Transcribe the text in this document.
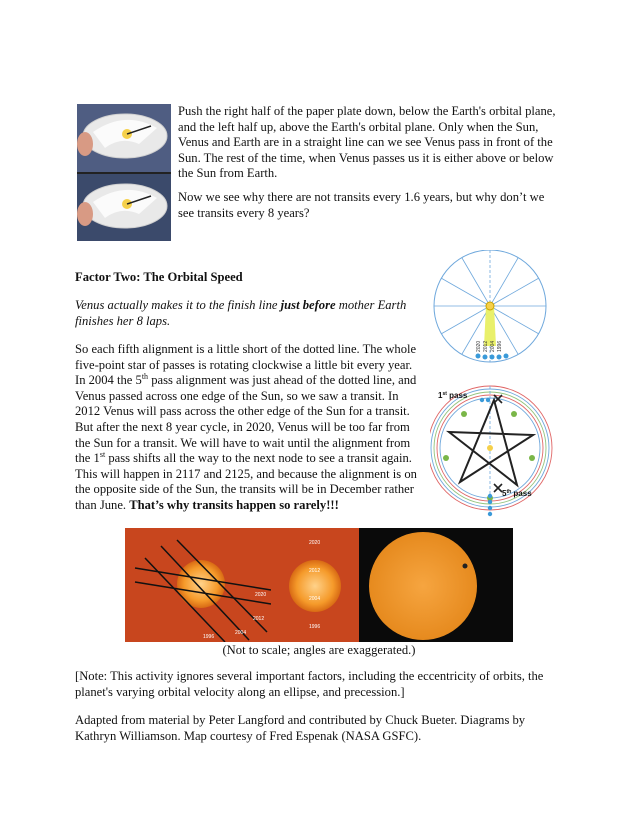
Push the right half of the paper plate down, below the Earth's orbital plane, and the left half up, above the Earth's orbital plane. Only when the Sun, Venus and Earth are in a straight line can we see Venus pass in front of the Sun. The rest of the time, when Venus passes us it is either above or below the Sun from Earth.

Now we see why there are not transits every 1.6 years, but why don’t we see transits every 8 years?

Factor Two: The Orbital Speed

Venus actually makes it to the finish line just before mother Earth finishes her 8 laps.

So each fifth alignment is a little short of the dotted line. The whole five-point star of passes is rotating clockwise a little bit every year. In 2004 the 5th pass alignment was just ahead of the dotted line, and Venus passed across one edge of the Sun, so we saw a transit. In 2012 Venus will pass across the other edge of the Sun for a transit. But after the next 8 year cycle, in 2020, Venus will be too far from the Sun for a transit. We will have to wait until the alignment from the 1st pass shifts all the way to the next node to see a transit again. This will happen in 2117 and 2125, and because the alignment is on the opposite side of the Sun, the transits will be in December rather than June. That’s why transits happen so rarely!!!

2020 2012 2004 1996
1st pass
5th pass
2020
2012
2004
1996
2020
2012
2004
1996

(Not to scale; angles are exaggerated.)

[Note: This activity ignores several important factors, including the eccentricity of orbits, the planet's varying orbital velocity along an ellipse, and precession.]

Adapted from material by Peter Langford and contributed by Chuck Bueter. Diagrams by Kathryn Williamson. Map courtesy of Fred Espenak (NASA GSFC).
